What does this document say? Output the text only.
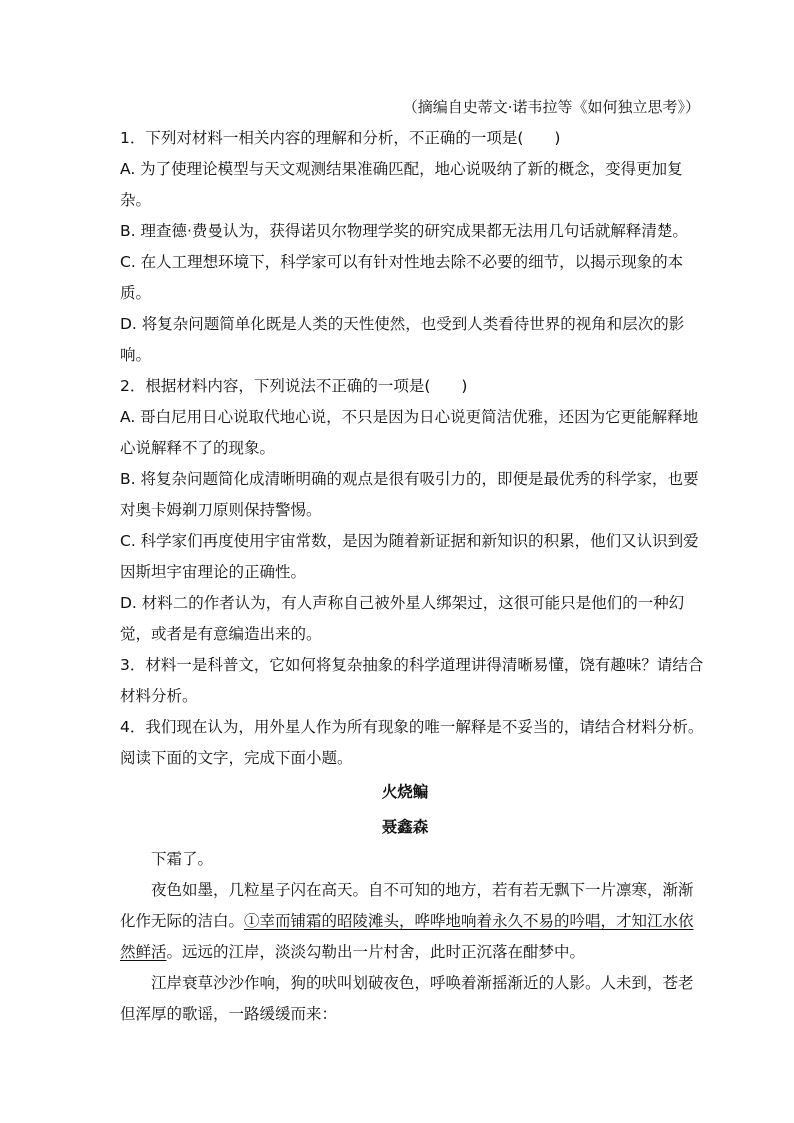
（摘编自史蒂文·诺韦拉等《如何独立思考》）
1．下列对材料一相关内容的理解和分析，不正确的一项是(　　)
A. 为了使理论模型与天文观测结果准确匹配，地心说吸纳了新的概念，变得更加复
杂。
B. 理查德·费曼认为，获得诺贝尔物理学奖的研究成果都无法用几句话就解释清楚。
C. 在人工理想环境下，科学家可以有针对性地去除不必要的细节，以揭示现象的本
质。
D. 将复杂问题简单化既是人类的天性使然，也受到人类看待世界的视角和层次的影
响。
2．根据材料内容，下列说法不正确的一项是(　　)
A. 哥白尼用日心说取代地心说，不只是因为日心说更简洁优雅，还因为它更能解释地
心说解释不了的现象。
B. 将复杂问题简化成清晰明确的观点是很有吸引力的，即便是最优秀的科学家，也要
对奥卡姆剃刀原则保持警惕。
C. 科学家们再度使用宇宙常数，是因为随着新证据和新知识的积累，他们又认识到爱
因斯坦宇宙理论的正确性。
D. 材料二的作者认为，有人声称自己被外星人绑架过，这很可能只是他们的一种幻
觉，或者是有意编造出来的。
3．材料一是科普文，它如何将复杂抽象的科学道理讲得清晰易懂，饶有趣味？请结合
材料分析。
4．我们现在认为，用外星人作为所有现象的唯一解释是不妥当的，请结合材料分析。
阅读下面的文字，完成下面小题。
火烧鳊
聂鑫森
下霜了。
夜色如墨，几粒星子闪在高天。自不可知的地方，若有若无飘下一片凛寒，渐渐
化作无际的洁白。①幸而铺霜的昭陵滩头，哗哗地响着永久不易的吟唱，才知江水依
然鲜活。远远的江岸，淡淡勾勒出一片村舍，此时正沉落在酣梦中。
江岸衰草沙沙作响，狗的吠叫划破夜色，呼唤着渐摇渐近的人影。人未到，苍老
但浑厚的歌谣，一路缓缓而来：
